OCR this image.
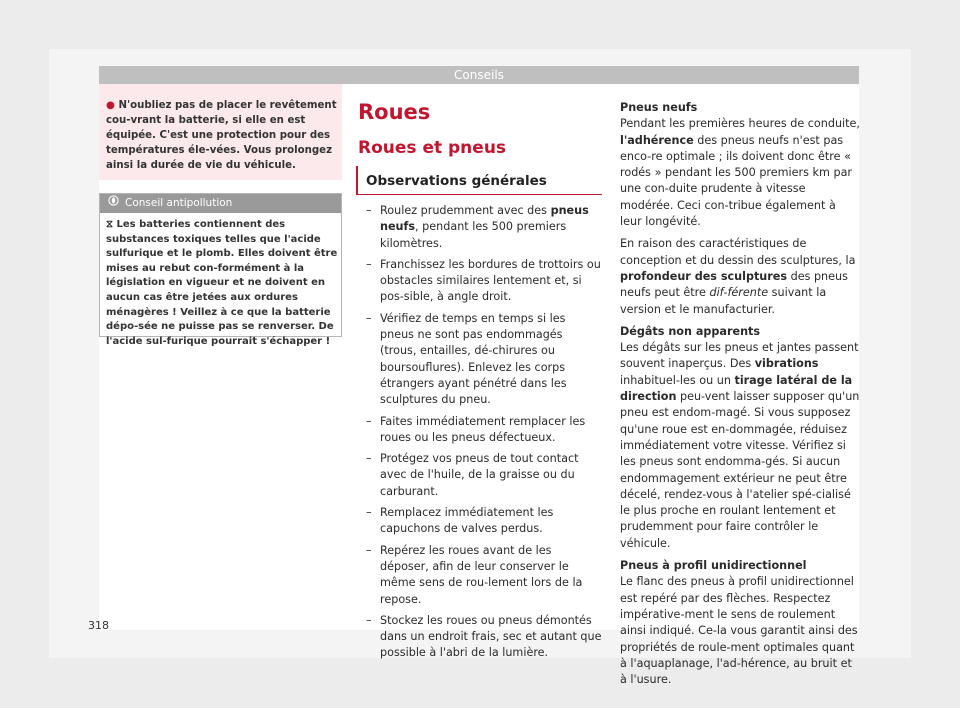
Conseils
● N'oubliez pas de placer le revêtement cou-vrant la batterie, si elle en est équipée. C'est une protection pour des températures éle-vées. Vous prolongez ainsi la durée de vie du véhicule.
Conseil antipollution
⧖ Les batteries contiennent des substances toxiques telles que l'acide sulfurique et le plomb. Elles doivent être mises au rebut con-formément à la législation en vigueur et ne doivent en aucun cas être jetées aux ordures ménagères ! Veillez à ce que la batterie dépo-sée ne puisse pas se renverser. De l'acide sul-furique pourrait s'échapper !
Roues
Roues et pneus
Observations générales
– Roulez prudemment avec des pneus neufs, pendant les 500 premiers kilomètres.
– Franchissez les bordures de trottoirs ou obstacles similaires lentement et, si pos-sible, à angle droit.
– Vérifiez de temps en temps si les pneus ne sont pas endommagés (trous, entailles, dé-chirures ou boursouflures). Enlevez les corps étrangers ayant pénétré dans les sculptures du pneu.
– Faites immédiatement remplacer les roues ou les pneus défectueux.
– Protégez vos pneus de tout contact avec de l'huile, de la graisse ou du carburant.
– Remplacez immédiatement les capuchons de valves perdus.
– Repérez les roues avant de les déposer, afin de leur conserver le même sens de rou-lement lors de la repose.
– Stockez les roues ou pneus démontés dans un endroit frais, sec et autant que possible à l'abri de la lumière.
Pneus neufs

Pendant les premières heures de conduite, l'adhérence des pneus neufs n'est pas enco-re optimale ; ils doivent donc être « rodés » pendant les 500 premiers km par une con-duite prudente à vitesse modérée. Ceci con-tribue également à leur longévité.

En raison des caractéristiques de conception et du dessin des sculptures, la profondeur des sculptures des pneus neufs peut être dif-férente suivant la version et le manufacturier.

Dégâts non apparents

Les dégâts sur les pneus et jantes passent souvent inaperçus. Des vibrations inhabituel-les ou un tirage latéral de la direction peu-vent laisser supposer qu'un pneu est endom-magé. Si vous supposez qu'une roue est en-dommagée, réduisez immédiatement votre vitesse. Vérifiez si les pneus sont endomma-gés. Si aucun endommagement extérieur ne peut être décelé, rendez-vous à l'atelier spé-cialisé le plus proche en roulant lentement et prudemment pour faire contrôler le véhicule.

Pneus à profil unidirectionnel

Le flanc des pneus à profil unidirectionnel est repéré par des flèches. Respectez impérative-ment le sens de roulement ainsi indiqué. Ce-la vous garantit ainsi des propriétés de roule-ment optimales quant à l'aquaplanage, l'ad-hérence, au bruit et à l'usure.

318
